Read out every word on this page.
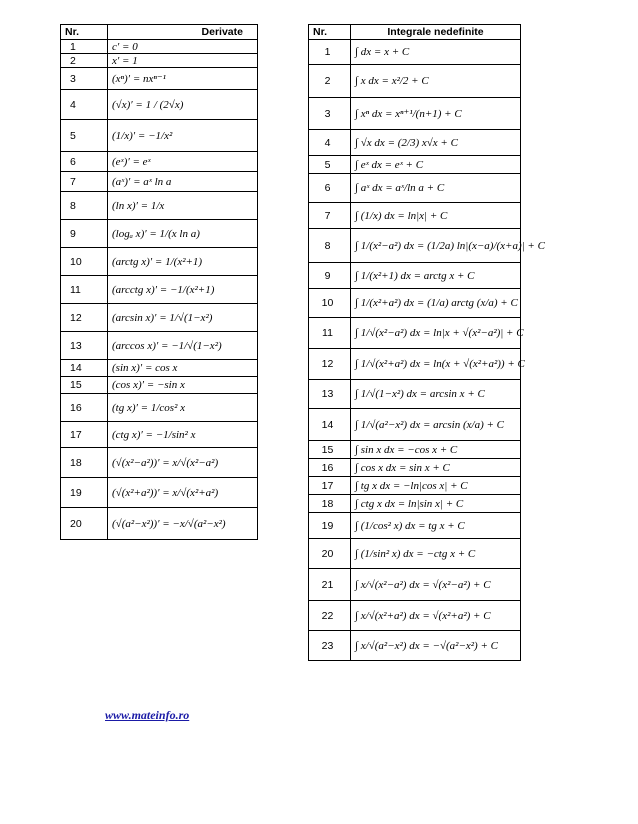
Nr.	Derivate
1	c′ = 0
2	x′ = 1
3	(xⁿ)′ = nxⁿ⁻¹
4	(√x)′ = 1 / (2√x)
5	(1/x)′ = −1/x²
6	(eˣ)′ = eˣ
7	(aˣ)′ = aˣ ln a
8	(ln x)′ = 1/x
9	(logₐ x)′ = 1/(x ln a)
10	(arctg x)′ = 1/(x²+1)
11	(arcctg x)′ = −1/(x²+1)
12	(arcsin x)′ = 1/√(1−x²)
13	(arccos x)′ = −1/√(1−x²)
14	(sin x)′ = cos x
15	(cos x)′ = −sin x
16	(tg x)′ = 1/cos² x
17	(ctg x)′ = −1/sin² x
18	(√(x²−a²))′ = x/√(x²−a²)
19	(√(x²+a²))′ = x/√(x²+a²)
20	(√(a²−x²))′ = −x/√(a²−x²)
Nr.	Integrale nedefinite
1	∫ dx = x + C
2	∫ x dx = x²/2 + C
3	∫ xⁿ dx = xⁿ⁺¹/(n+1) + C
4	∫ √x dx = (2/3) x√x + C
5	∫ eˣ dx = eˣ + C
6	∫ aˣ dx = aˣ/ln a + C
7	∫ (1/x) dx = ln|x| + C
8	∫ 1/(x²−a²) dx = (1/2a) ln|(x−a)/(x+a)| + C
9	∫ 1/(x²+1) dx = arctg x + C
10	∫ 1/(x²+a²) dx = (1/a) arctg (x/a) + C
11	∫ 1/√(x²−a²) dx = ln|x + √(x²−a²)| + C
12	∫ 1/√(x²+a²) dx = ln(x + √(x²+a²)) + C
13	∫ 1/√(1−x²) dx = arcsin x + C
14	∫ 1/√(a²−x²) dx = arcsin (x/a) + C
15	∫ sin x dx = −cos x + C
16	∫ cos x dx = sin x + C
17	∫ tg x dx = −ln|cos x| + C
18	∫ ctg x dx = ln|sin x| + C
19	∫ (1/cos² x) dx = tg x + C
20	∫ (1/sin² x) dx = −ctg x + C
21	∫ x/√(x²−a²) dx = √(x²−a²) + C
22	∫ x/√(x²+a²) dx = √(x²+a²) + C
23	∫ x/√(a²−x²) dx = −√(a²−x²) + C
www.mateinfo.ro
